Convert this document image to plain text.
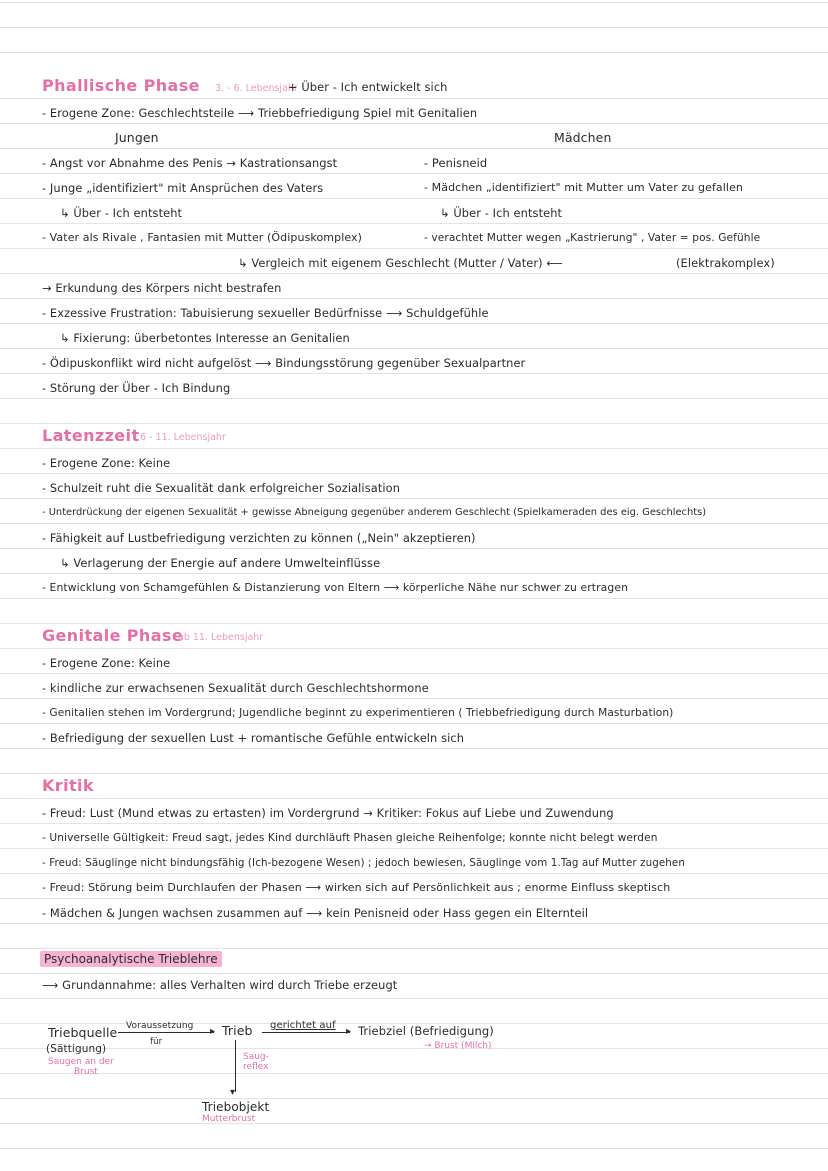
Phallische Phase 3. - 6. Lebensjahr
+ Über - Ich entwickelt sich
- Erogene Zone: Geschlechtsteile ⟶ Triebbefriedigung Spiel mit Genitalien
Jungen	Mädchen
- Angst vor Abnahme des Penis → Kastrationsangst
- Junge „identifiziert" mit Ansprüchen des Vaters
↳ Über - Ich entsteht
- Vater als Rivale , Fantasien mit Mutter (Ödipuskomplex)
- Penisneid
- Mädchen „identifiziert" mit Mutter um Vater zu gefallen
↳ Über - Ich entsteht
- verachtet Mutter wegen „Kastrierung" , Vater = pos. Gefühle
↳ Vergleich mit eigenem Geschlecht (Mutter / Vater) ⟵	(Elektrakomplex)
→ Erkundung des Körpers nicht bestrafen
- Exzessive Frustration: Tabuisierung sexueller Bedürfnisse ⟶ Schuldgefühle
↳ Fixierung: überbetontes Interesse an Genitalien
- Ödipuskonflikt wird nicht aufgelöst ⟶ Bindungsstörung gegenüber Sexualpartner
- Störung der Über - Ich Bindung
Latenzzeit 6 - 11. Lebensjahr
- Erogene Zone: Keine
- Schulzeit ruht die Sexualität dank erfolgreicher Sozialisation
- Unterdrückung der eigenen Sexualität + gewisse Abneigung gegenüber anderem Geschlecht (Spielkameraden des eig. Geschlechts)
- Fähigkeit auf Lustbefriedigung verzichten zu können („Nein" akzeptieren)
↳ Verlagerung der Energie auf andere Umwelteinflüsse
- Entwicklung von Schamgefühlen & Distanzierung von Eltern ⟶ körperliche Nähe nur schwer zu ertragen
Genitale Phase
ab 11. Lebensjahr
- Erogene Zone: Keine
- kindliche zur erwachsenen Sexualität durch Geschlechtshormone
- Genitalien stehen im Vordergrund; Jugendliche beginnt zu experimentieren ( Triebbefriedigung durch Masturbation)
- Befriedigung der sexuellen Lust + romantische Gefühle entwickeln sich
Kritik
- Freud: Lust (Mund etwas zu ertasten) im Vordergrund → Kritiker: Fokus auf Liebe und Zuwendung
- Universelle Gültigkeit: Freud sagt, jedes Kind durchläuft Phasen gleiche Reihenfolge; konnte nicht belegt werden
- Freud: Säuglinge nicht bindungsfähig (Ich-bezogene Wesen) ; jedoch bewiesen, Säuglinge vom 1.Tag auf Mutter zugehen
- Freud: Störung beim Durchlaufen der Phasen ⟶ wirken sich auf Persönlichkeit aus ; enorme Einfluss skeptisch
- Mädchen & Jungen wachsen zusammen auf ⟶ kein Penisneid oder Hass gegen ein Elternteil
Psychoanalytische Trieblehre
⟶ Grundannahme: alles Verhalten wird durch Triebe erzeugt
Triebquelle
(Sättigung)
Saugen an der
Brust
Voraussetzung ▸
für
Trieb gerichtet auf
▸ Triebziel (Befriedigung)
→ Brust (Milch)
▾
Saug-
reflex
Triebobjekt
Mutterbrust
